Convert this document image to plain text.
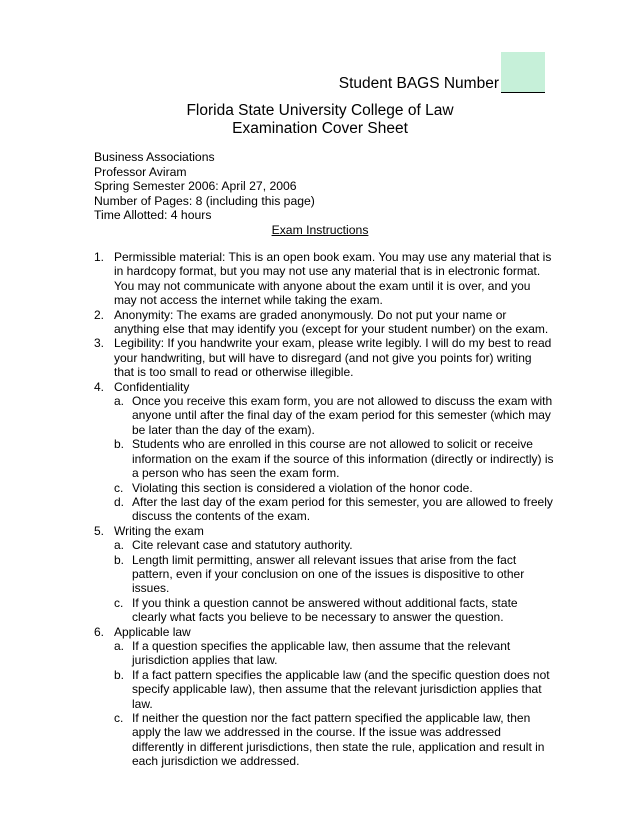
Student BAGS Number
Florida State University College of Law
Examination Cover Sheet
Business Associations
Professor Aviram
Spring Semester 2006: April 27, 2006
Number of Pages: 8 (including this page)
Time Allotted: 4 hours
Exam Instructions
1. Permissible material: This is an open book exam. You may use any material that is in hardcopy format, but you may not use any material that is in electronic format. You may not communicate with anyone about the exam until it is over, and you may not access the internet while taking the exam.
2. Anonymity: The exams are graded anonymously. Do not put your name or anything else that may identify you (except for your student number) on the exam.
3. Legibility: If you handwrite your exam, please write legibly. I will do my best to read your handwriting, but will have to disregard (and not give you points for) writing that is too small to read or otherwise illegible.
4. Confidentiality
a. Once you receive this exam form, you are not allowed to discuss the exam with anyone until after the final day of the exam period for this semester (which may be later than the day of the exam).
b. Students who are enrolled in this course are not allowed to solicit or receive information on the exam if the source of this information (directly or indirectly) is a person who has seen the exam form.
c. Violating this section is considered a violation of the honor code.
d. After the last day of the exam period for this semester, you are allowed to freely discuss the contents of the exam.
5. Writing the exam
a. Cite relevant case and statutory authority.
b. Length limit permitting, answer all relevant issues that arise from the fact pattern, even if your conclusion on one of the issues is dispositive to other issues.
c. If you think a question cannot be answered without additional facts, state clearly what facts you believe to be necessary to answer the question.
6. Applicable law
a. If a question specifies the applicable law, then assume that the relevant jurisdiction applies that law.
b. If a fact pattern specifies the applicable law (and the specific question does not specify applicable law), then assume that the relevant jurisdiction applies that law.
c. If neither the question nor the fact pattern specified the applicable law, then apply the law we addressed in the course. If the issue was addressed differently in different jurisdictions, then state the rule, application and result in each jurisdiction we addressed.
